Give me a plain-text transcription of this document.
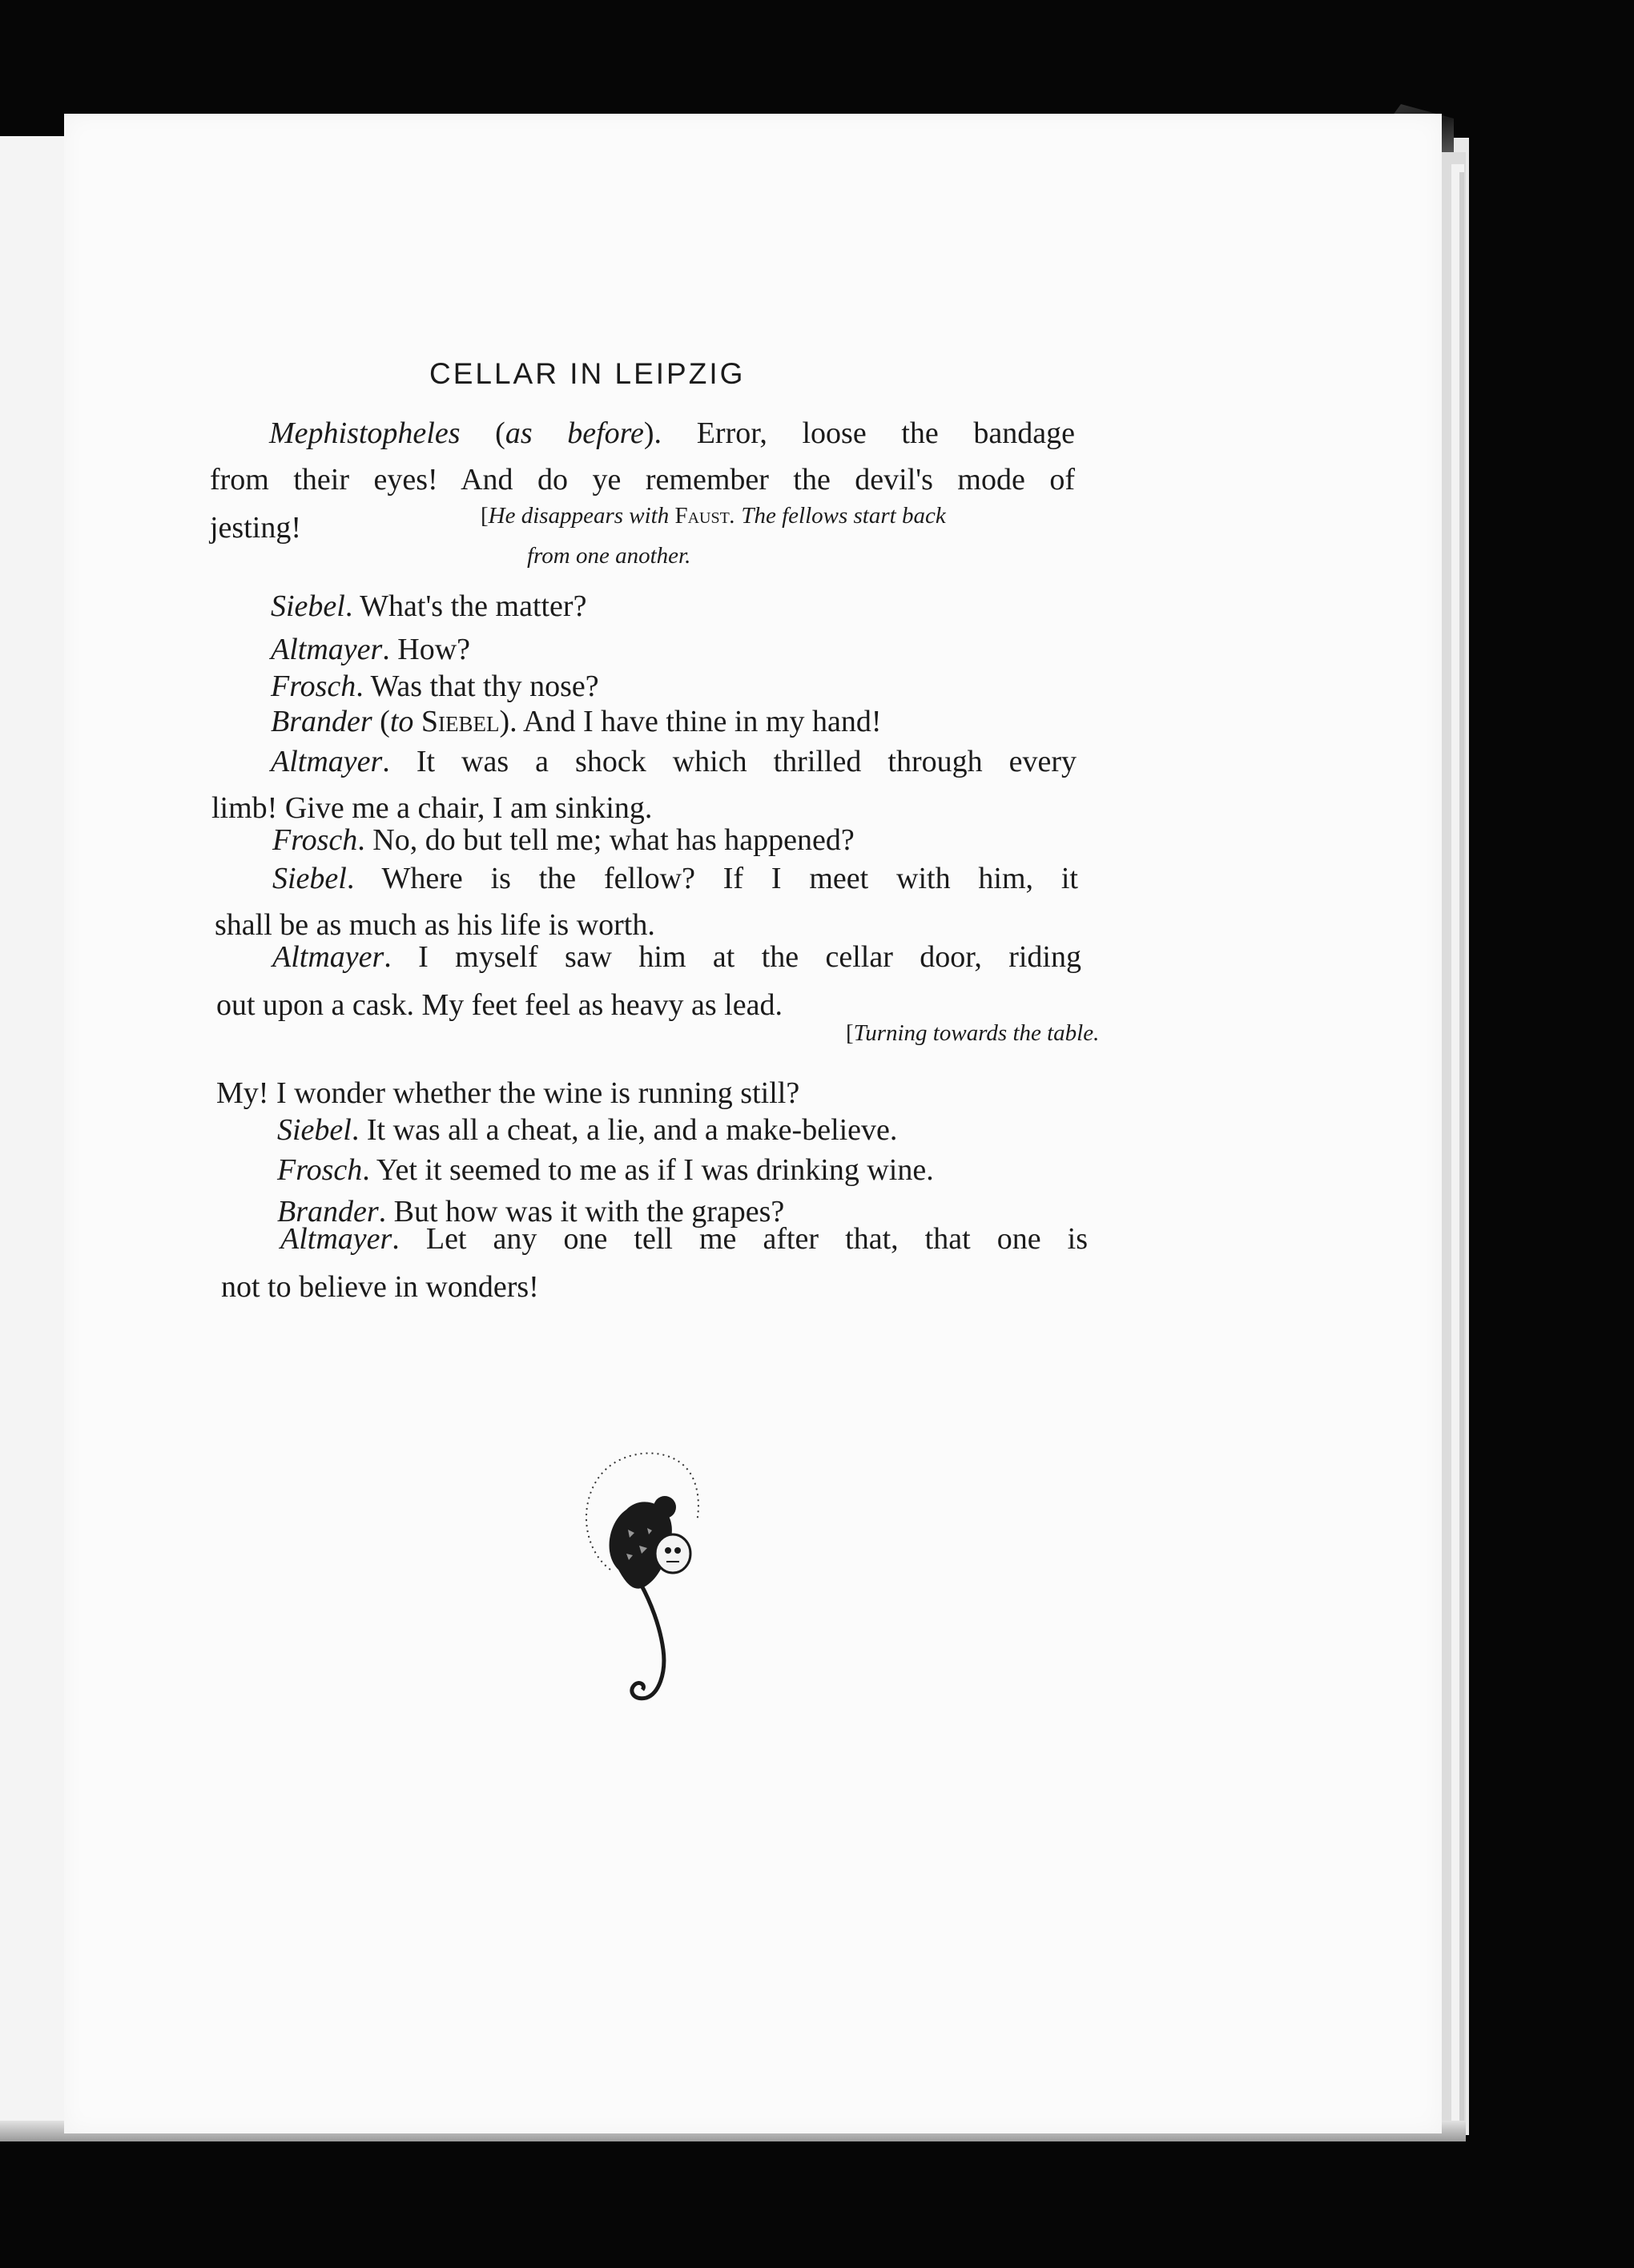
CELLAR IN LEIPZIG
Mephistopheles (as before). Error, loose the bandage
from their eyes! And do ye remember the devil's mode of
jesting!	[He disappears with Faust. The fellows start back
from one another.
Siebel. What's the matter?
Altmayer. How?
Frosch. Was that thy nose?
Brander (to Siebel). And I have thine in my hand!
Altmayer. It was a shock which thrilled through every
limb! Give me a chair, I am sinking.
Frosch. No, do but tell me; what has happened?
Siebel. Where is the fellow? If I meet with him, it
shall be as much as his life is worth.
Altmayer. I myself saw him at the cellar door, riding
out upon a cask. My feet feel as heavy as lead.
[Turning towards the table.
My! I wonder whether the wine is running still?
Siebel. It was all a cheat, a lie, and a make-believe.
Frosch. Yet it seemed to me as if I was drinking wine.
Brander. But how was it with the grapes?
Altmayer. Let any one tell me after that, that one is
not to believe in wonders!
